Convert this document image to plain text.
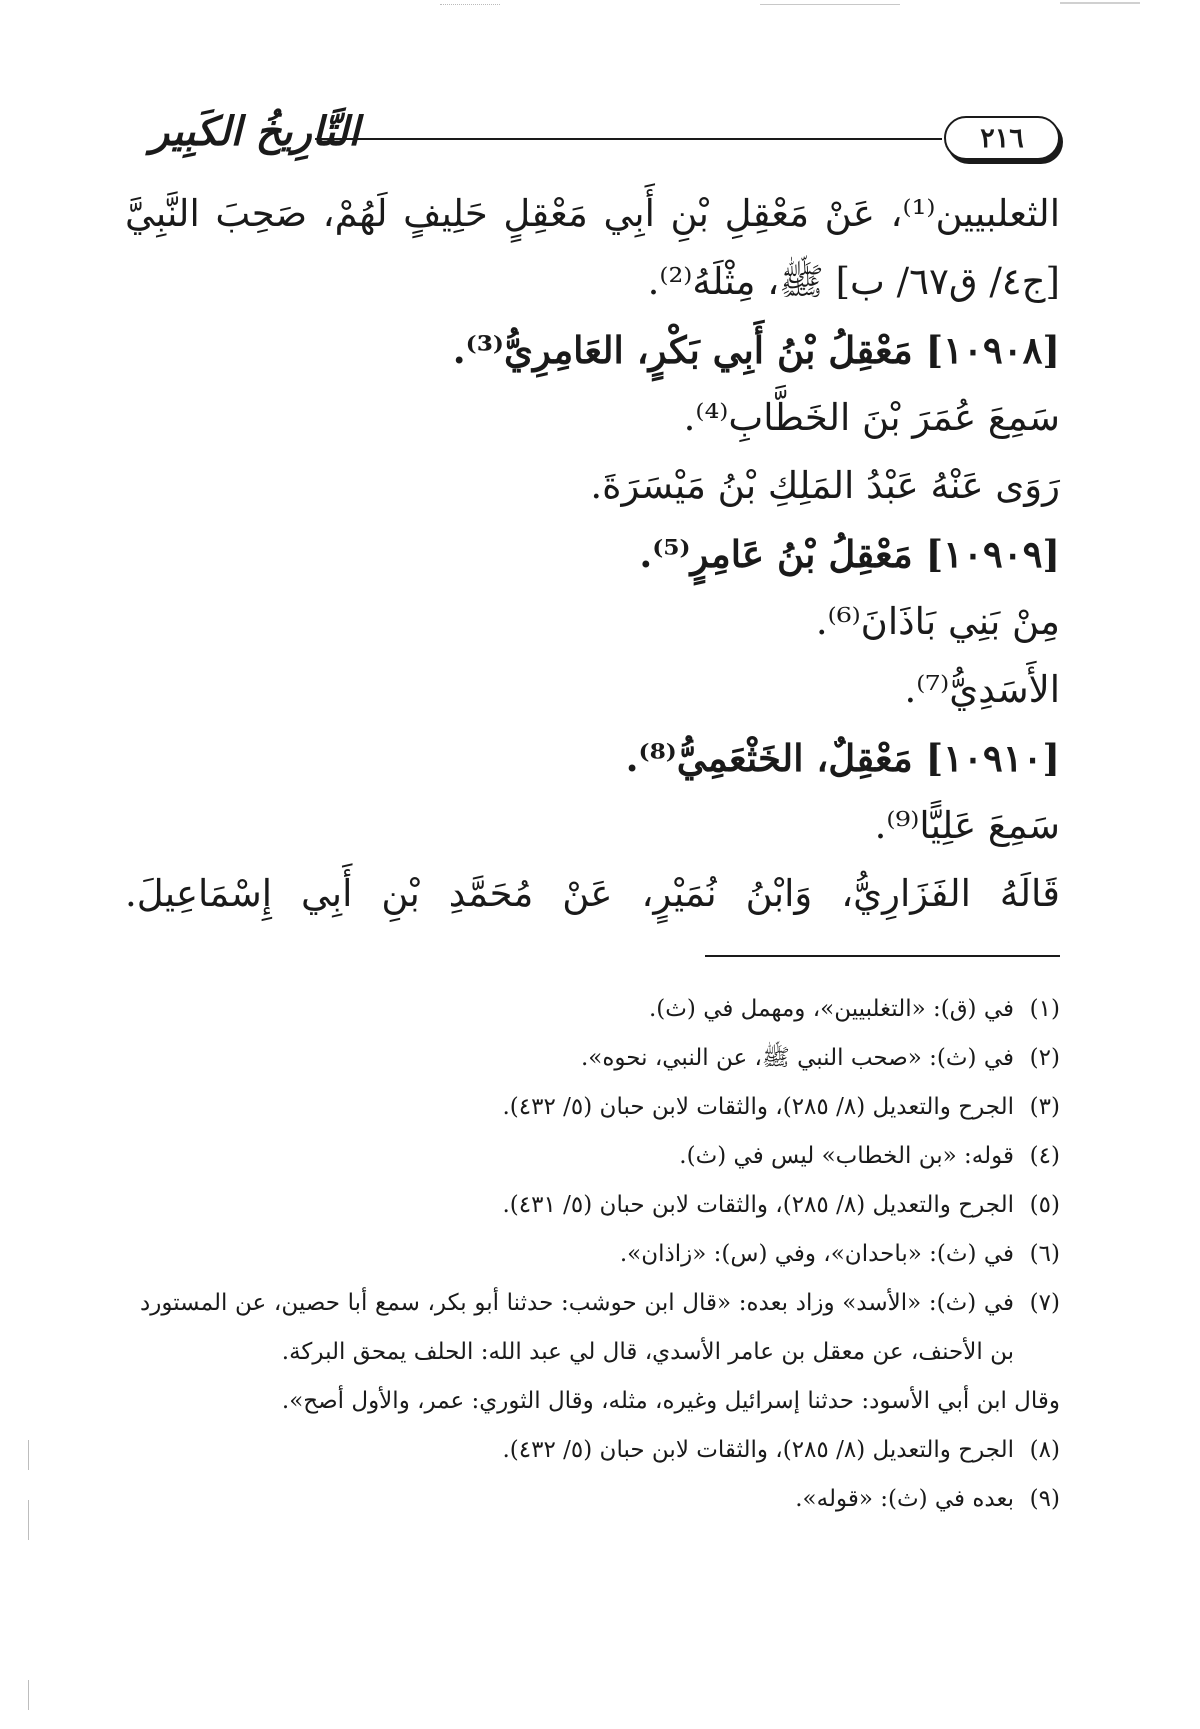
٢١٦
التَّارِيخُ الكَبِير
الثعلبيين⁽¹⁾، عَنْ مَعْقِلِ بْنِ أَبِي مَعْقِلٍ حَلِيفٍ لَهُمْ، صَحِبَ النَّبِيَّ
[ج٤/ ق٦٧/ ب] ﷺ، مِثْلَهُ⁽²⁾.
[١٠٩٠٨] مَعْقِلُ بْنُ أَبِي بَكْرٍ، العَامِرِيُّ⁽³⁾.
سَمِعَ عُمَرَ بْنَ الخَطَّابِ⁽⁴⁾.
رَوَى عَنْهُ عَبْدُ المَلِكِ بْنُ مَيْسَرَةَ.
[١٠٩٠٩] مَعْقِلُ بْنُ عَامِرٍ⁽⁵⁾.
مِنْ بَنِي بَاذَانَ⁽⁶⁾.
الأَسَدِيُّ⁽⁷⁾.
[١٠٩١٠] مَعْقِلٌ، الخَثْعَمِيُّ⁽⁸⁾.
سَمِعَ عَلِيًّا⁽⁹⁾.
قَالَهُ الفَزَارِيُّ، وَابْنُ نُمَيْرٍ، عَنْ مُحَمَّدِ بْنِ أَبِي إِسْمَاعِيلَ.
(١)
في (ق): «التغلبيين»، ومهمل في (ث).
(٢)
في (ث): «صحب النبي ﷺ، عن النبي، نحوه».
(٣)
الجرح والتعديل (٨/ ٢٨٥)، والثقات لابن حبان (٥/ ٤٣٢).
(٤)
قوله: «بن الخطاب» ليس في (ث).
(٥)
الجرح والتعديل (٨/ ٢٨٥)، والثقات لابن حبان (٥/ ٤٣١).
(٦)
في (ث): «باحدان»، وفي (س): «زاذان».
(٧)
في (ث): «الأسد» وزاد بعده: «قال ابن حوشب: حدثنا أبو بكر، سمع أبا حصين، عن المستورد بن الأحنف، عن معقل بن عامر الأسدي، قال لي عبد الله: الحلف يمحق البركة.
وقال ابن أبي الأسود: حدثنا إسرائيل وغيره، مثله، وقال الثوري: عمر، والأول أصح».
(٨)
الجرح والتعديل (٨/ ٢٨٥)، والثقات لابن حبان (٥/ ٤٣٢).
(٩)
بعده في (ث): «قوله».
